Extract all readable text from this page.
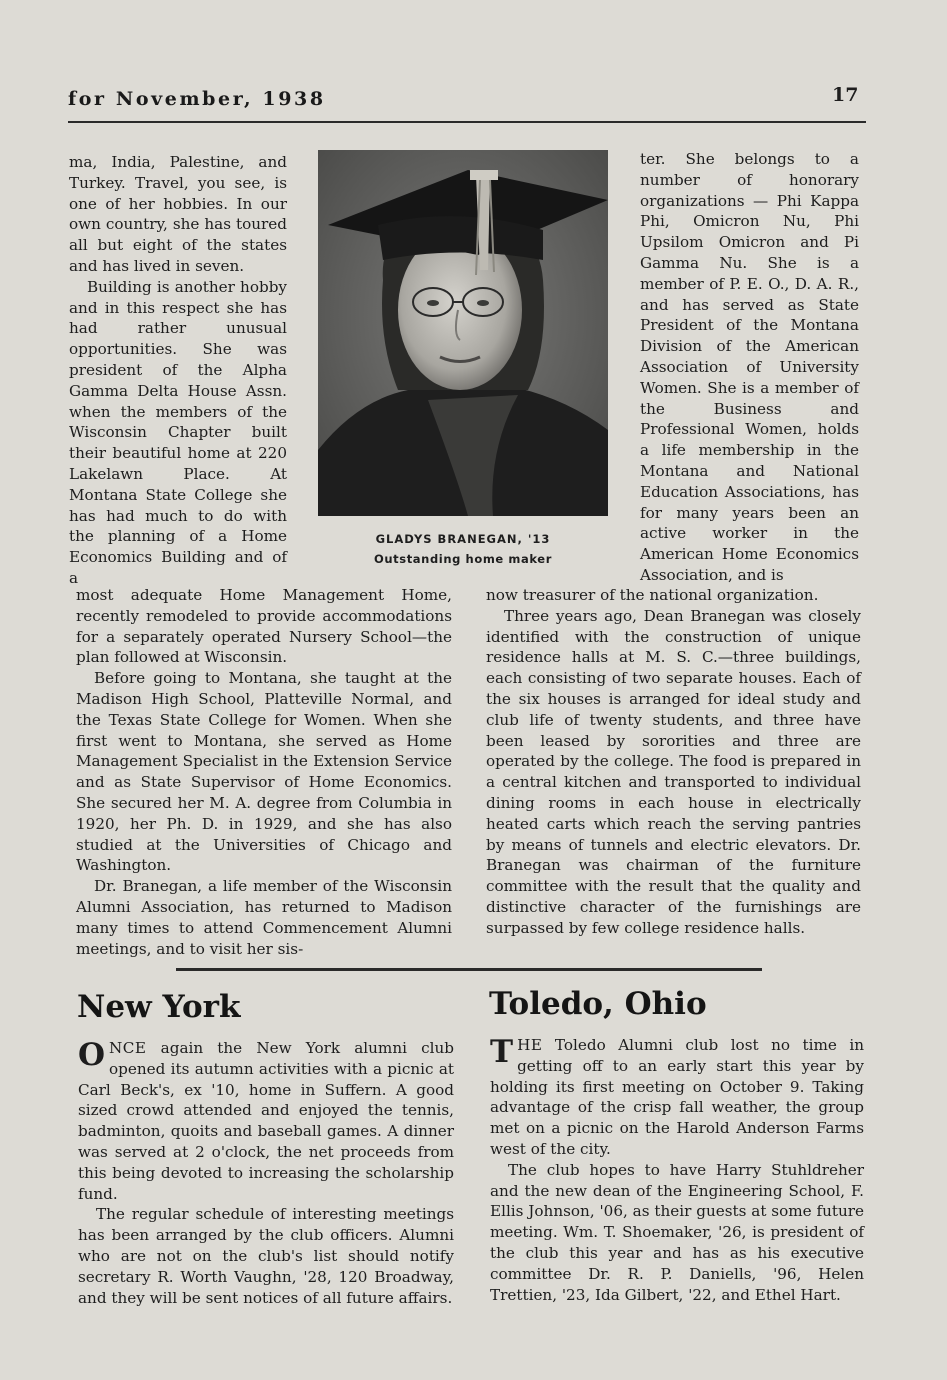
for November, 1938	17

ma, India, Palestine, and Turkey. Travel, you see, is one of her hobbies. In our own country, she has toured all but eight of the states and has lived in seven.

Building is another hobby and in this respect she has had rather unusual opportunities. She was president of the Alpha Gamma Delta House Assn. when the members of the Wisconsin Chapter built their beautiful home at 220 Lakelawn Place. At Montana State College she has had much to do with the planning of a Home Economics Building and of a

GLADYS BRANEGAN, '13
Outstanding home maker

ter. She belongs to a number of honorary organizations — Phi Kappa Phi, Omicron Nu, Phi Upsilom Omicron and Pi Gamma Nu. She is a member of P. E. O., D. A. R., and has served as State President of the Montana Division of the American Association of University Women. She is a member of the Business and Professional Women, holds a life membership in the Montana and National Education Associations, has for many years been an active worker in the American Home Economics Association, and is

most adequate Home Management Home, recently remodeled to provide accommodations for a separately operated Nursery School—the plan followed at Wisconsin.

Before going to Montana, she taught at the Madison High School, Platteville Normal, and the Texas State College for Women. When she first went to Montana, she served as Home Management Specialist in the Extension Service and as State Supervisor of Home Economics. She secured her M. A. degree from Columbia in 1920, her Ph. D. in 1929, and she has also studied at the Universities of Chicago and Washington.

Dr. Branegan, a life member of the Wisconsin Alumni Association, has returned to Madison many times to attend Commencement Alumni meetings, and to visit her sis-

now treasurer of the national organization.

Three years ago, Dean Branegan was closely identified with the construction of unique residence halls at M. S. C.—three buildings, each consisting of two separate houses. Each of the six houses is arranged for ideal study and club life of twenty students, and three have been leased by sororities and three are operated by the college. The food is prepared in a central kitchen and transported to individual dining rooms in each house in electrically heated carts which reach the serving pantries by means of tunnels and electric elevators. Dr. Branegan was chairman of the furniture committee with the result that the quality and distinctive character of the furnishings are surpassed by few college residence halls.

New York

ONCE again the New York alumni club opened its autumn activities with a picnic at Carl Beck's, ex '10, home in Suffern. A good sized crowd attended and enjoyed the tennis, badminton, quoits and baseball games. A dinner was served at 2 o'clock, the net proceeds from this being devoted to increasing the scholarship fund.

The regular schedule of interesting meetings has been arranged by the club officers. Alumni who are not on the club's list should notify secretary R. Worth Vaughn, '28, 120 Broadway, and they will be sent notices of all future affairs.

Toledo, Ohio

THE Toledo Alumni club lost no time in getting off to an early start this year by holding its first meeting on October 9. Taking advantage of the crisp fall weather, the group met on a picnic on the Harold Anderson Farms west of the city.

The club hopes to have Harry Stuhldreher and the new dean of the Engineering School, F. Ellis Johnson, '06, as their guests at some future meeting. Wm. T. Shoemaker, '26, is president of the club this year and has as his executive committee Dr. R. P. Daniells, '96, Helen Trettien, '23, Ida Gilbert, '22, and Ethel Hart.
